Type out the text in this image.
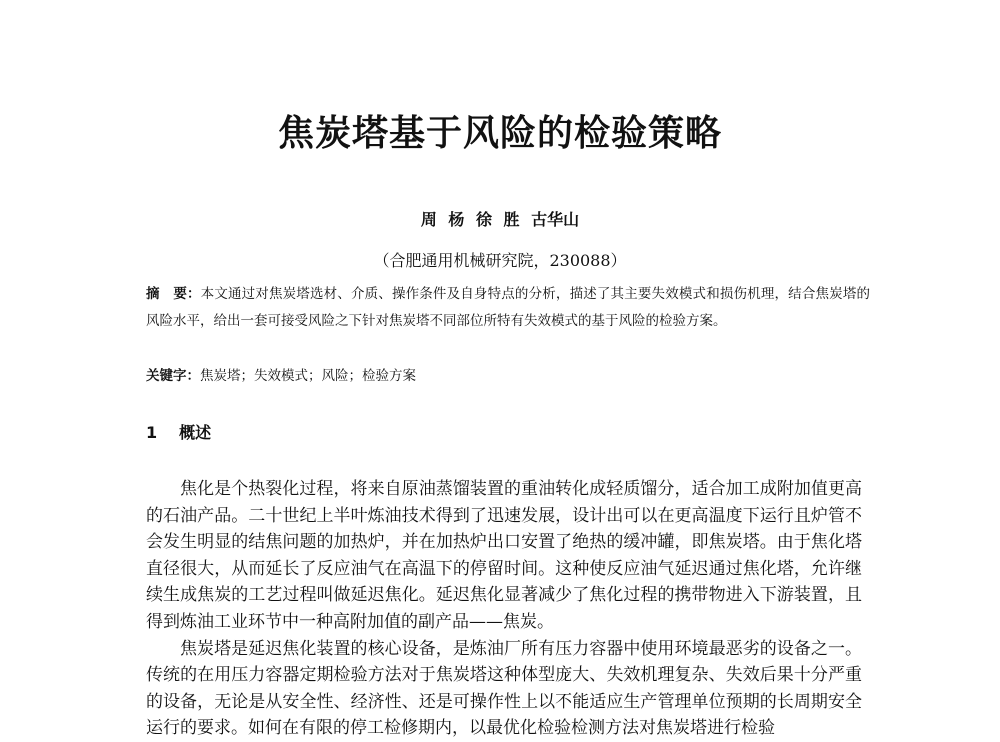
焦炭塔基于风险的检验策略
周 杨 徐 胜 古华山
（合肥通用机械研究院，230088）
摘　要：本文通过对焦炭塔选材、介质、操作条件及自身特点的分析，描述了其主要失效模式和损伤机理，结合焦炭塔的风险水平，给出一套可接受风险之下针对焦炭塔不同部位所特有失效模式的基于风险的检验方案。
关键字：焦炭塔；失效模式；风险；检验方案
1 概述

焦化是个热裂化过程，将来自原油蒸馏装置的重油转化成轻质馏分，适合加工成附加值更高的石油产品。二十世纪上半叶炼油技术得到了迅速发展，设计出可以在更高温度下运行且炉管不会发生明显的结焦问题的加热炉，并在加热炉出口安置了绝热的缓冲罐，即焦炭塔。由于焦化塔直径很大，从而延长了反应油气在高温下的停留时间。这种使反应油气延迟通过焦化塔，允许继续生成焦炭的工艺过程叫做延迟焦化。延迟焦化显著减少了焦化过程的携带物进入下游装置，且得到炼油工业环节中一种高附加值的副产品——焦炭。

焦炭塔是延迟焦化装置的核心设备，是炼油厂所有压力容器中使用环境最恶劣的设备之一。传统的在用压力容器定期检验方法对于焦炭塔这种体型庞大、失效机理复杂、失效后果十分严重的设备，无论是从安全性、经济性、还是可操作性上以不能适应生产管理单位预期的长周期安全运行的要求。如何在有限的停工检修期内，以最优化检验检测方法对焦炭塔进行检验
